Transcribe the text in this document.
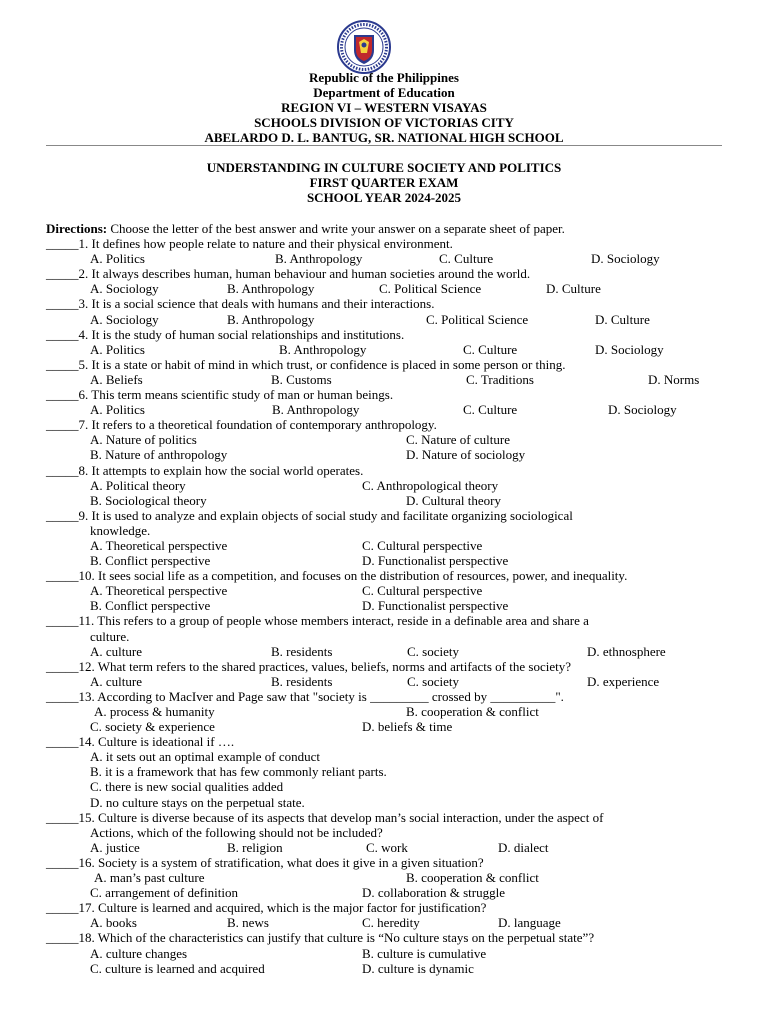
Republic of the Philippines
Department of Education
REGION VI – WESTERN VISAYAS
SCHOOLS DIVISION OF VICTORIAS CITY
ABELARDO D. L. BANTUG, SR. NATIONAL HIGH SCHOOL
UNDERSTANDING IN CULTURE SOCIETY AND POLITICS
FIRST QUARTER EXAM
SCHOOL YEAR 2024-2025
Directions: Choose the letter of the best answer and write your answer on a separate sheet of paper.
_____1. It defines how people relate to nature and their physical environment.
A. Politics	B. Anthropology	C. Culture	D. Sociology
_____2. It always describes human, human behaviour and human societies around the world.
A. Sociology	B. Anthropology	C. Political Science	D. Culture
_____3. It is a social science that deals with humans and their interactions.
A. Sociology	B. Anthropology	C. Political Science	D. Culture
_____4. It is the study of human social relationships and institutions.
A. Politics	B. Anthropology	C. Culture	D. Sociology
_____5. It is a state or habit of mind in which trust, or confidence is placed in some person or thing.
A. Beliefs	B. Customs	C. Traditions	D. Norms
_____6. This term means scientific study of man or human beings.
A. Politics	B. Anthropology	C. Culture	D. Sociology
_____7. It refers to a theoretical foundation of contemporary anthropology.
A. Nature of politics	C. Nature of culture
B. Nature of anthropology	D. Nature of sociology
_____8. It attempts to explain how the social world operates.
A. Political theory	C. Anthropological theory
B. Sociological theory	D. Cultural theory
_____9. It is used to analyze and explain objects of social study and facilitate organizing sociological
knowledge.
A. Theoretical perspective	C. Cultural perspective
B. Conflict perspective	D. Functionalist perspective
_____10. It sees social life as a competition, and focuses on the distribution of resources, power, and inequality.
A. Theoretical perspective	C. Cultural perspective
B. Conflict perspective	D. Functionalist perspective
_____11. This refers to a group of people whose members interact, reside in a definable area and share a
culture.
A. culture	B. residents	C. society	D. ethnosphere
_____12. What term refers to the shared practices, values, beliefs, norms and artifacts of the society?
A. culture	B. residents	C. society	D. experience
_____13. According to MacIver and Page saw that "society is _________ crossed by __________".
A. process & humanity	B. cooperation & conflict
C. society & experience	D. beliefs & time
_____14. Culture is ideational if ….
A. it sets out an optimal example of conduct
B. it is a framework that has few commonly reliant parts.
C. there is new social qualities added
D. no culture stays on the perpetual state.
_____15. Culture is diverse because of its aspects that develop man’s social interaction, under the aspect of
Actions, which of the following should not be included?
A. justice	B. religion	C. work	D. dialect
_____16. Society is a system of stratification, what does it give in a given situation?
A. man’s past culture	B. cooperation & conflict
C. arrangement of definition	D. collaboration & struggle
_____17. Culture is learned and acquired, which is the major factor for justification?
A. books	B. news	C. heredity	D. language
_____18. Which of the characteristics can justify that culture is “No culture stays on the perpetual state”?
A. culture changes	B. culture is cumulative
C. culture is learned and acquired	D. culture is dynamic
